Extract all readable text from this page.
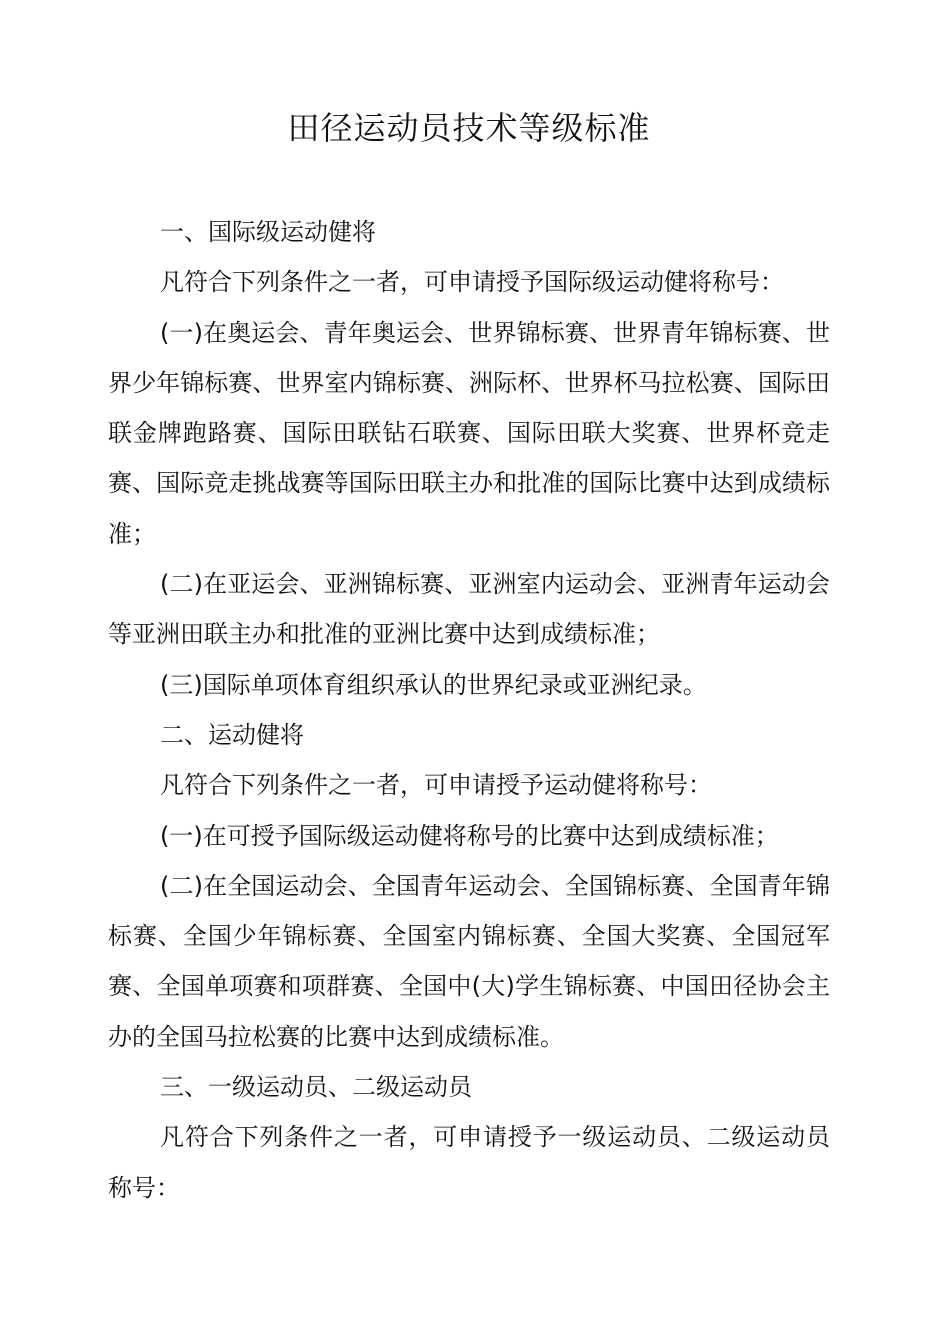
田径运动员技术等级标准

一、国际级运动健将

凡符合下列条件之一者，可申请授予国际级运动健将称号：

(一)在奥运会、青年奥运会、世界锦标赛、世界青年锦标赛、世界少年锦标赛、世界室内锦标赛、洲际杯、世界杯马拉松赛、国际田联金牌跑路赛、国际田联钻石联赛、国际田联大奖赛、世界杯竞走赛、国际竞走挑战赛等国际田联主办和批准的国际比赛中达到成绩标准；

(二)在亚运会、亚洲锦标赛、亚洲室内运动会、亚洲青年运动会等亚洲田联主办和批准的亚洲比赛中达到成绩标准；

(三)国际单项体育组织承认的世界纪录或亚洲纪录。

二、运动健将

凡符合下列条件之一者，可申请授予运动健将称号：

(一)在可授予国际级运动健将称号的比赛中达到成绩标准；

(二)在全国运动会、全国青年运动会、全国锦标赛、全国青年锦标赛、全国少年锦标赛、全国室内锦标赛、全国大奖赛、全国冠军赛、全国单项赛和项群赛、全国中(大)学生锦标赛、中国田径协会主办的全国马拉松赛的比赛中达到成绩标准。

三、一级运动员、二级运动员

凡符合下列条件之一者，可申请授予一级运动员、二级运动员称号：
